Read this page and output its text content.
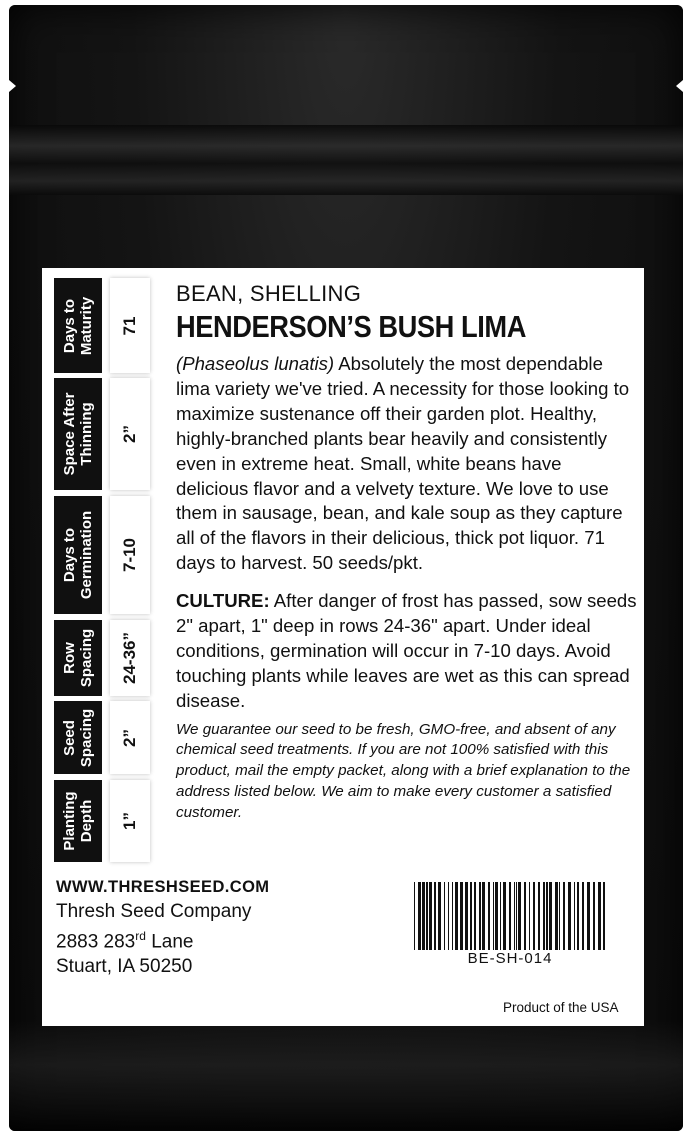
Days to
Maturity 71
Space After
Thinning 2”
Days to
Germination 7-10
Row
Spacing 24-36”
Seed
Spacing 2”
Planting
Depth 1”
BEAN, SHELLING
HENDERSON’S BUSH LIMA
(Phaseolus lunatis) Absolutely the most dependable lima variety we've tried. A necessity for those looking to maximize sustenance off their garden plot. Healthy, highly-branched plants bear heavily and consistently even in extreme heat. Small, white beans have delicious flavor and a velvety texture. We love to use them in sausage, bean, and kale soup as they capture all of the flavors in their delicious, thick pot liquor. 71 days to harvest. 50 seeds/pkt.
CULTURE: After danger of frost has passed, sow seeds 2" apart, 1" deep in rows 24-36" apart. Under ideal conditions, germination will occur in 7-10 days. Avoid touching plants while leaves are wet as this can spread disease.
We guarantee our seed to be fresh, GMO-free, and absent of any chemical seed treatments. If you are not 100% satisfied with this product, mail the empty packet, along with a brief explanation to the address listed below. We aim to make every customer a satisfied customer.
WWW.THRESHSEED.COM
Thresh Seed Company
2883 283rd Lane
Stuart, IA 50250	BE-SH-014
Product of the USA
